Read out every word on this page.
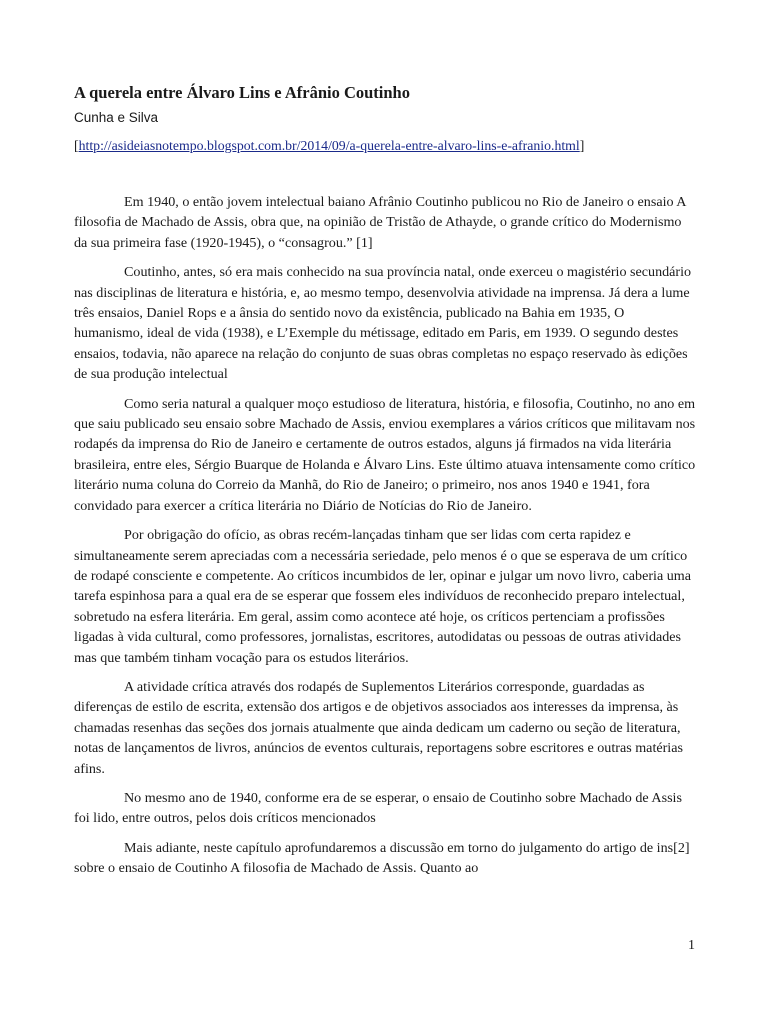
A querela entre Álvaro Lins e Afrânio Coutinho
Cunha e Silva
[http://asideiasnotempo.blogspot.com.br/2014/09/a-querela-entre-alvaro-lins-e-afranio.html]

Em 1940, o então jovem intelectual baiano Afrânio Coutinho publicou no Rio de Janeiro o ensaio A filosofia de Machado de Assis, obra que, na opinião de Tristão de Athayde, o grande crítico do Modernismo da sua primeira fase (1920-1945), o “consagrou.” [1]

Coutinho, antes, só era mais conhecido na sua província natal, onde exerceu o magistério secundário nas disciplinas de literatura e história, e, ao mesmo tempo, desenvolvia atividade na imprensa. Já dera a lume três ensaios, Daniel Rops e a ânsia do sentido novo da existência, publicado na Bahia em 1935, O humanismo, ideal de vida (1938), e L’Exemple du métissage, editado em Paris, em 1939. O segundo destes ensaios, todavia, não aparece na relação do conjunto de suas obras completas no espaço reservado às edições de sua produção intelectual

Como seria natural a qualquer moço estudioso de literatura, história, e filosofia, Coutinho, no ano em que saiu publicado seu ensaio sobre Machado de Assis, enviou exemplares a vários críticos que militavam nos rodapés da imprensa do Rio de Janeiro e certamente de outros estados, alguns já firmados na vida literária brasileira, entre eles, Sérgio Buarque de Holanda e Álvaro Lins. Este último atuava intensamente como crítico literário numa coluna do Correio da Manhã, do Rio de Janeiro; o primeiro, nos anos 1940 e 1941, fora convidado para exercer a crítica literária no Diário de Notícias do Rio de Janeiro.

Por obrigação do ofício, as obras recém-lançadas tinham que ser lidas com certa rapidez e simultaneamente serem apreciadas com a necessária seriedade, pelo menos é o que se esperava de um crítico de rodapé consciente e competente. Ao críticos incumbidos de ler, opinar e julgar um novo livro, caberia uma tarefa espinhosa para a qual era de se esperar que fossem eles indivíduos de reconhecido preparo intelectual, sobretudo na esfera literária. Em geral, assim como acontece até hoje, os críticos pertenciam a profissões ligadas à vida cultural, como professores, jornalistas, escritores, autodidatas ou pessoas de outras atividades mas que também tinham vocação para os estudos literários.

A atividade crítica através dos rodapés de Suplementos Literários corresponde, guardadas as diferenças de estilo de escrita, extensão dos artigos e de objetivos associados aos interesses da imprensa, às chamadas resenhas das seções dos jornais atualmente que ainda dedicam um caderno ou seção de literatura, notas de lançamentos de livros, anúncios de eventos culturais, reportagens sobre escritores e outras matérias afins.

No mesmo ano de 1940, conforme era de se esperar, o ensaio de Coutinho sobre Machado de Assis foi lido, entre outros, pelos dois críticos mencionados

Mais adiante, neste capítulo aprofundaremos a discussão em torno do julgamento do artigo de ins[2] sobre o ensaio de Coutinho A filosofia de Machado de Assis. Quanto ao

1
